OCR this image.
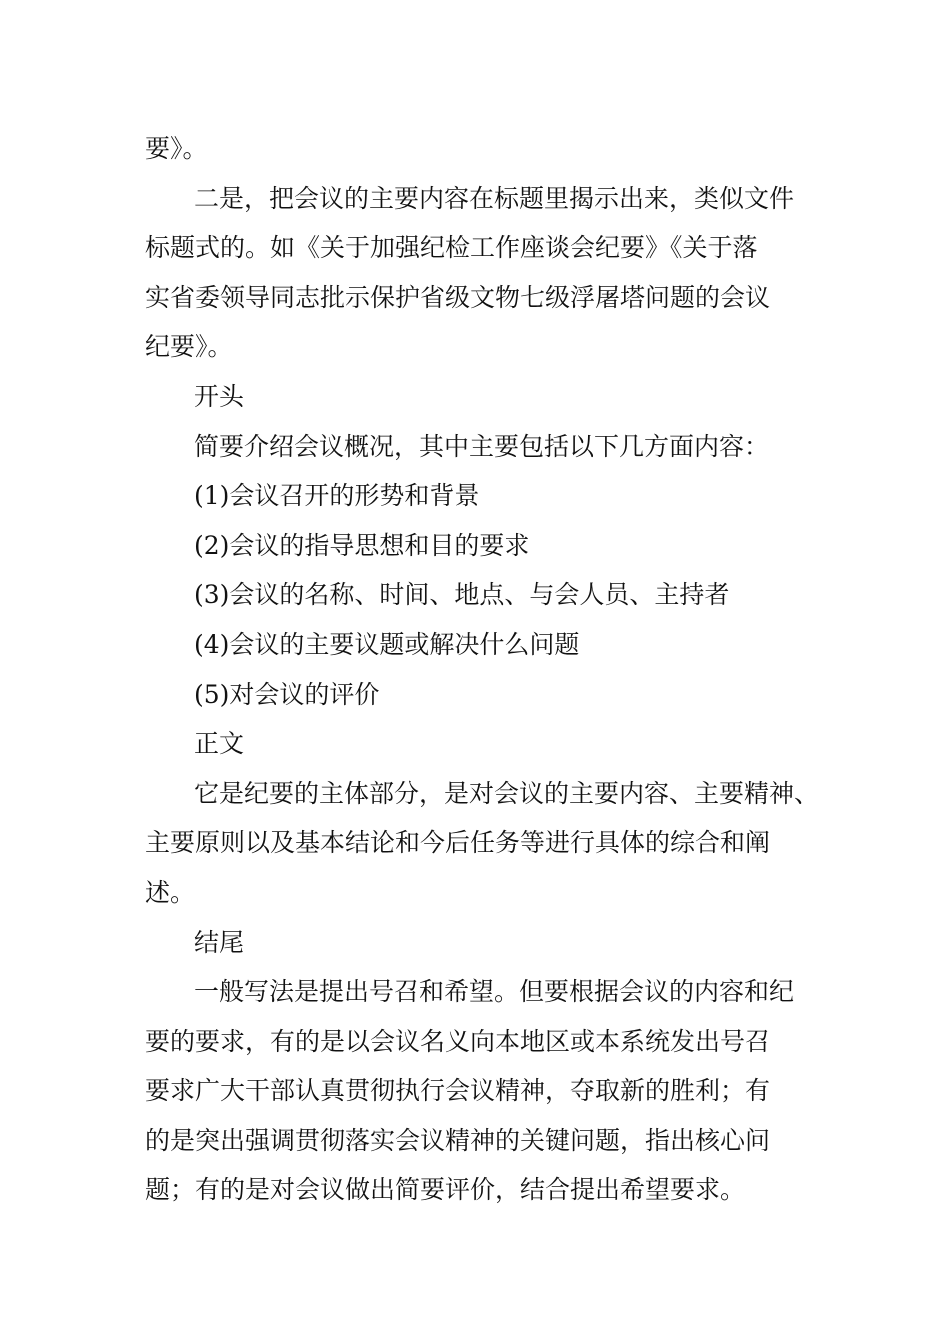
要》。

二是，把会议的主要内容在标题里揭示出来，类似文件

标题式的。如《关于加强纪检工作座谈会纪要》《关于落

实省委领导同志批示保护省级文物七级浮屠塔问题的会议

纪要》。

开头

简要介绍会议概况，其中主要包括以下几方面内容：

(1)会议召开的形势和背景

(2)会议的指导思想和目的要求

(3)会议的名称、时间、地点、与会人员、主持者

(4)会议的主要议题或解决什么问题

(5)对会议的评价

正文

它是纪要的主体部分，是对会议的主要内容、主要精神、

主要原则以及基本结论和今后任务等进行具体的综合和阐

述。

结尾

一般写法是提出号召和希望。但要根据会议的内容和纪

要的要求，有的是以会议名义向本地区或本系统发出号召

要求广大干部认真贯彻执行会议精神，夺取新的胜利；有

的是突出强调贯彻落实会议精神的关键问题，指出核心问

题；有的是对会议做出简要评价，结合提出希望要求。
